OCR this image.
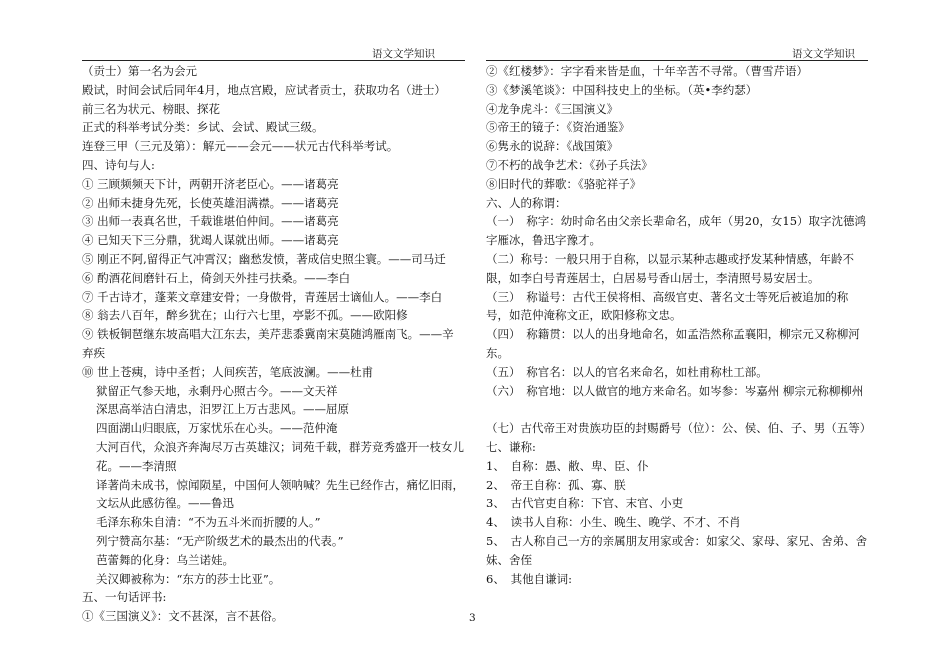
语文文学知识	语文文学知识

（贡士）第一名为会元

殿试，时间会试后同年4月，地点宫殿，应试者贡士，获取功名（进士）

前三名为状元、榜眼、探花

正式的科举考试分类：乡试、会试、殿试三级。

连登三甲（三元及第）：解元——会元——状元古代科举考试。

四、诗句与人:

① 三顾频频天下计，两朝开济老臣心。——诸葛亮

② 出师未捷身先死，长使英雄泪满襟。——诸葛亮

③ 出师一表真名世，千载谁堪伯仲间。——诸葛亮

④ 已知天下三分鼎，犹竭人谋就出师。——诸葛亮

⑤ 刚正不阿,留得正气冲霄汉；幽愁发愤，著成信史照尘寰。——司马迁

⑥ 酌酒花间磨针石上，倚剑天外挂弓扶桑。——李白

⑦ 千古诗才，蓬莱文章建安骨；一身傲骨，青莲居士谪仙人。——李白

⑧ 翁去八百年，醉乡犹在；山行六七里，亭影不孤。——欧阳修

⑨ 铁板铜琶继东坡高唱大江东去，美芹悲黍冀南宋莫随鸿雁南飞。——辛弃疾

⑩ 世上苍痍，诗中圣哲；人间疾苦，笔底波澜。——杜甫

狱留正气参天地，永剩丹心照古今。——文天祥

深思高举洁白清忠，汨罗江上万古悲风。——屈原

四面湖山归眼底，万家忧乐在心头。——范仲淹

大河百代，众浪齐奔淘尽万古英雄汉；词苑千载，群芳竞秀盛开一枝女儿花。——李清照

译著尚未成书，惊闻陨星，中国何人领呐喊？先生已经作古，痛忆旧雨，文坛从此感彷徨。——鲁迅

毛泽东称朱自清：“不为五斗米而折腰的人。”

列宁赞高尔基：“无产阶级艺术的最杰出的代表。”

芭蕾舞的化身：乌兰诺娃。

关汉卿被称为：“东方的莎士比亚”。

五、一句话评书:

①《三国演义》：文不甚深，言不甚俗。

②《红楼梦》：字字看来皆是血，十年辛苦不寻常。（曹雪芹语）

③《梦溪笔谈》：中国科技史上的坐标。（英•李约瑟）

④龙争虎斗：《三国演义》

⑤帝王的镜子：《资治通鉴》

⑥隽永的说辞：《战国策》

⑦不朽的战争艺术：《孙子兵法》

⑧旧时代的葬歌：《骆驼祥子》

六、人的称谓：

（一）　称字：幼时命名由父亲长辈命名，成年（男20，女15）取字沈德鸿字雁冰，鲁迅字豫才。

（二）称号：一般只用于自称，以显示某种志趣或抒发某种情感，年龄不限，如李白号青莲居士，白居易号香山居士，李清照号易安居士。

（三）　称谥号：古代王侯将相、高级官吏、著名文士等死后被追加的称号，如范仲淹称文正，欧阳修称文忠。

（四）　称籍贯：以人的出身地命名，如孟浩然称孟襄阳，柳宗元又称柳河东。

（五）　称官名：以人的官名来命名，如杜甫称杜工部。

（六）　称官地：以人做官的地方来命名。如岑参：岑嘉州 柳宗元称柳柳州

（七）古代帝王对贵族功臣的封赐爵号（位）：公、侯、伯、子、男（五等）

七、谦称:

1、　自称：愚、敝、卑、臣、仆

2、　帝王自称：孤、寡、朕

3、　古代官吏自称：下官、末官、小吏

4、　读书人自称：小生、晚生、晚学、不才、不肖

5、　古人称自己一方的亲属朋友用家或舍：如家父、家母、家兄、舍弟、舍妹、舍侄

6、　其他自谦词:

3
